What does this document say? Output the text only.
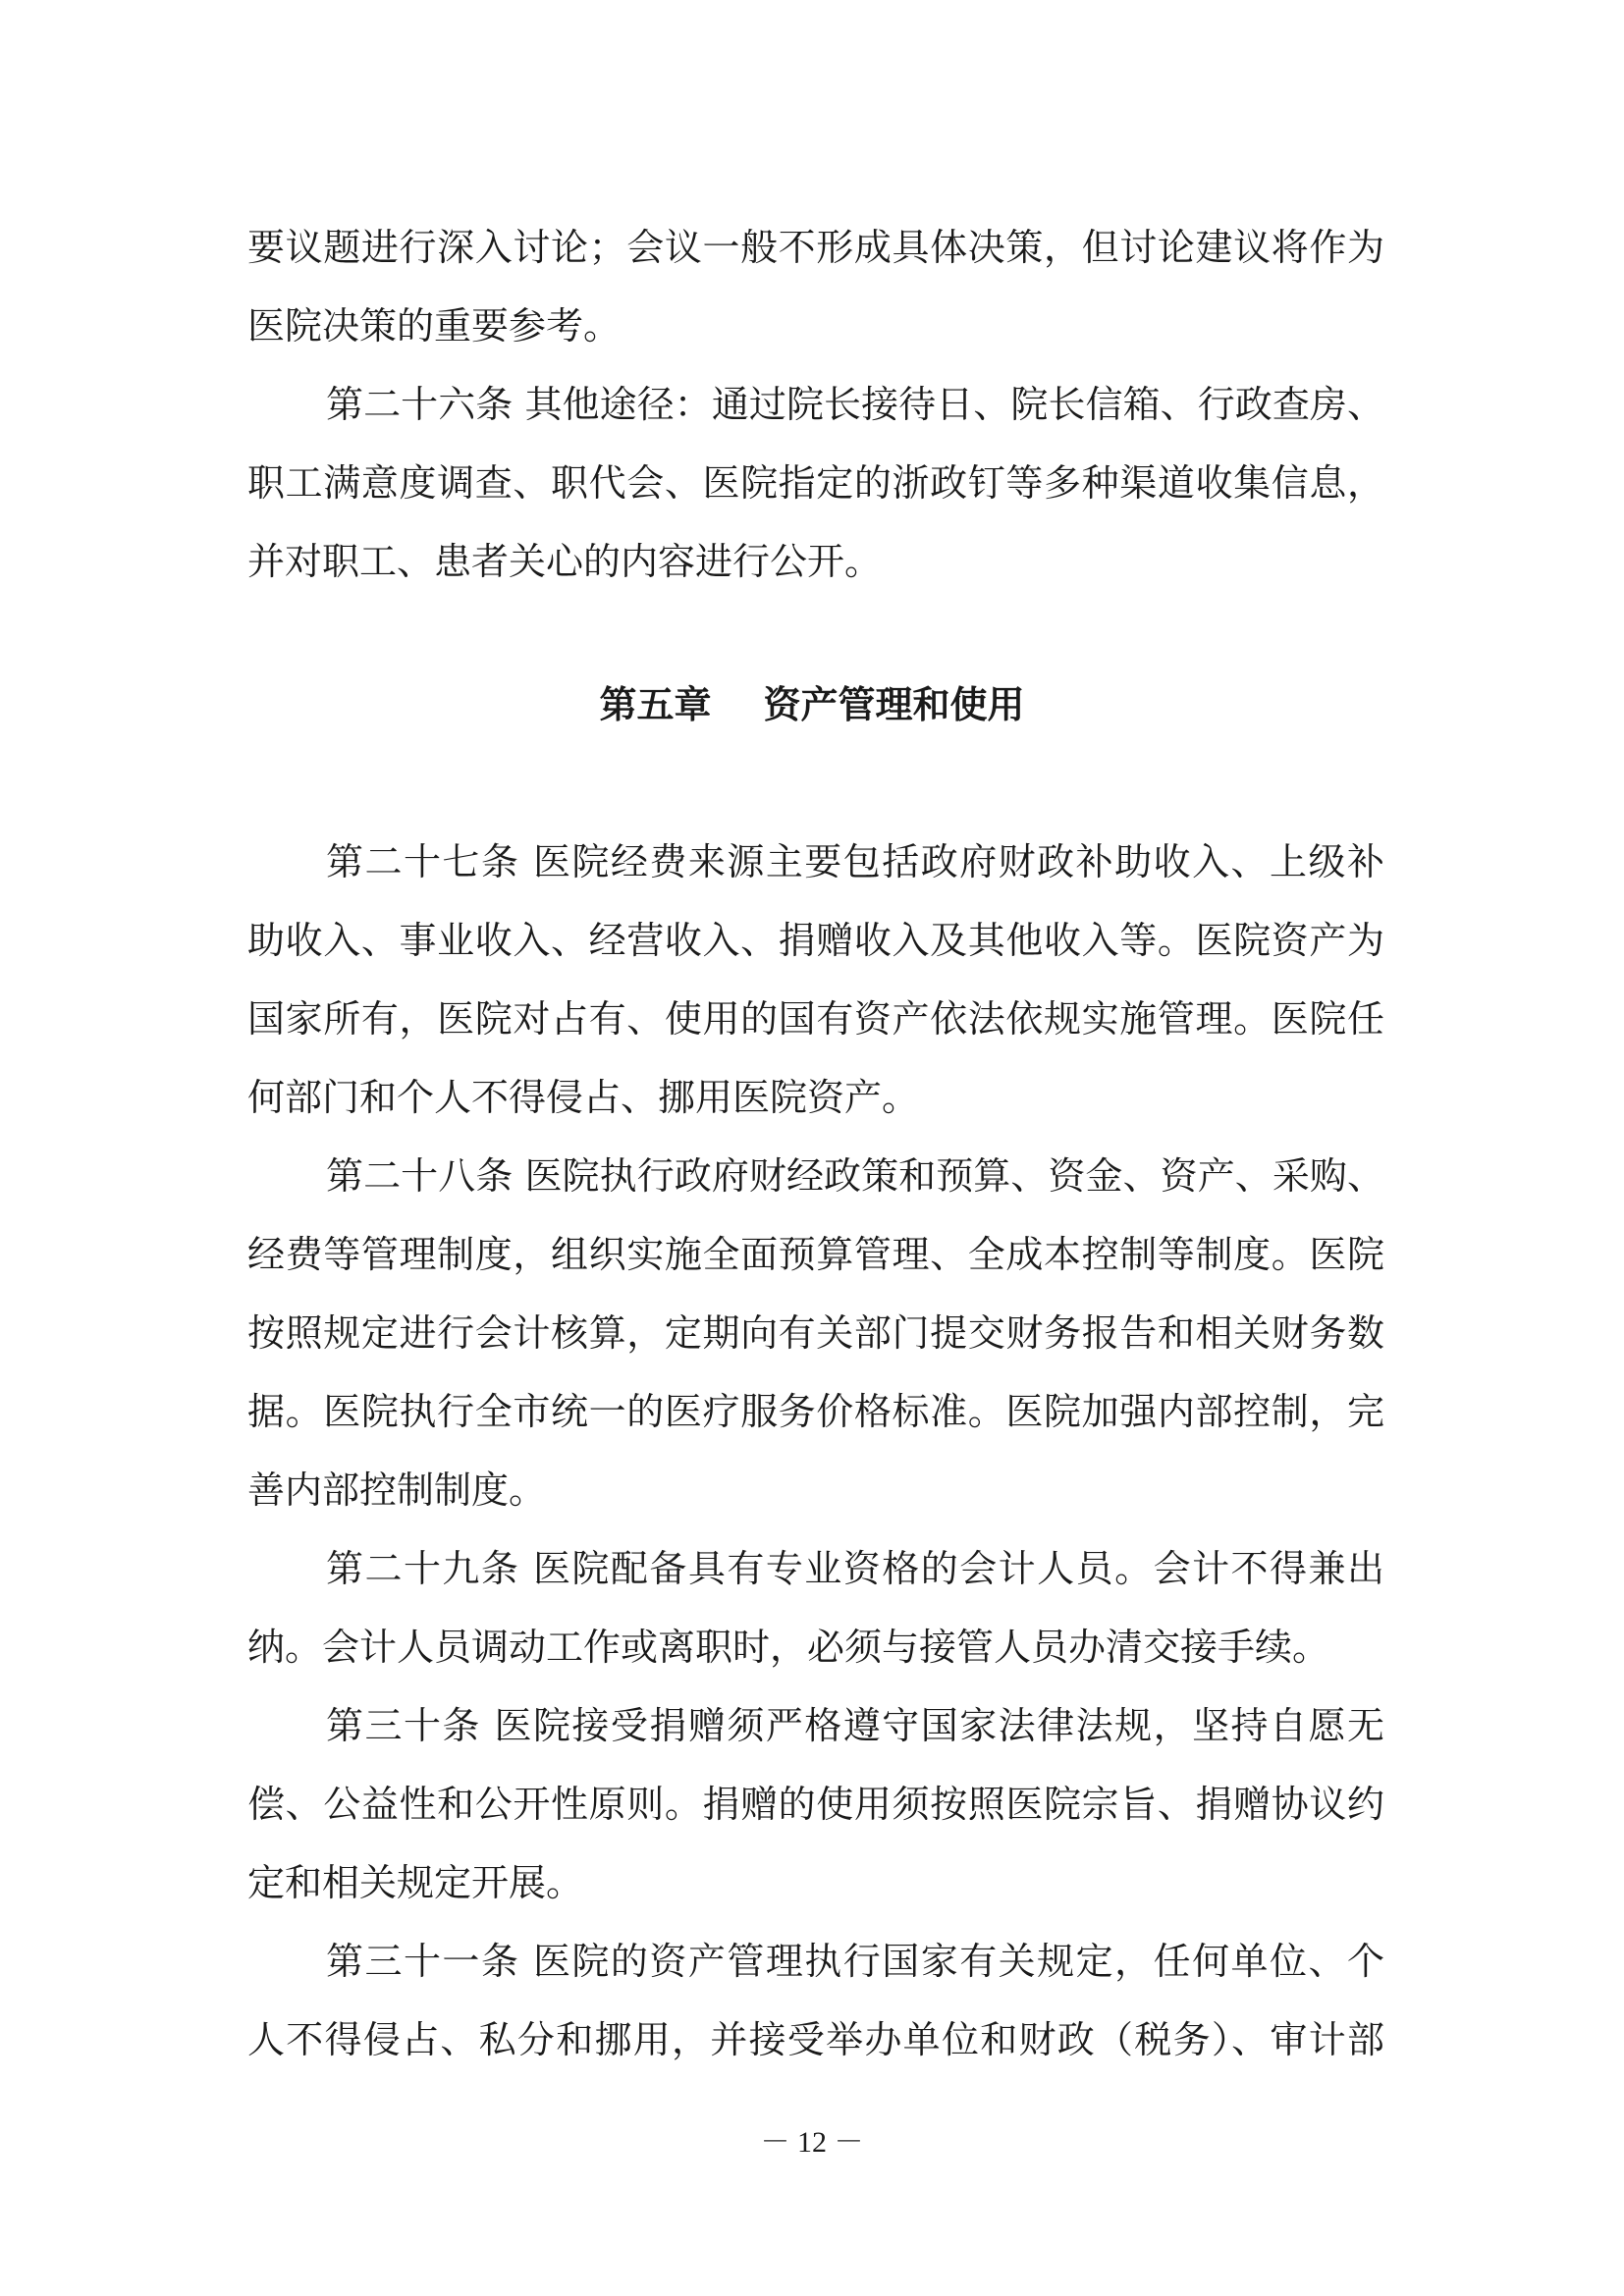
要议题进行深入讨论；会议一般不形成具体决策，但讨论建议将作为
医院决策的重要参考。
第二十六条 其他途径：通过院长接待日、院长信箱、行政查房、
职工满意度调查、职代会、医院指定的浙政钉等多种渠道收集信息，
并对职工、患者关心的内容进行公开。
第五章    资产管理和使用
第二十七条 医院经费来源主要包括政府财政补助收入、上级补
助收入、事业收入、经营收入、捐赠收入及其他收入等。医院资产为
国家所有，医院对占有、使用的国有资产依法依规实施管理。医院任
何部门和个人不得侵占、挪用医院资产。
第二十八条 医院执行政府财经政策和预算、资金、资产、采购、
经费等管理制度，组织实施全面预算管理、全成本控制等制度。医院
按照规定进行会计核算，定期向有关部门提交财务报告和相关财务数
据。医院执行全市统一的医疗服务价格标准。医院加强内部控制，完
善内部控制制度。
第二十九条 医院配备具有专业资格的会计人员。会计不得兼出
纳。会计人员调动工作或离职时，必须与接管人员办清交接手续。
第三十条 医院接受捐赠须严格遵守国家法律法规，坚持自愿无
偿、公益性和公开性原则。捐赠的使用须按照医院宗旨、捐赠协议约
定和相关规定开展。
第三十一条 医院的资产管理执行国家有关规定，任何单位、个
人不得侵占、私分和挪用，并接受举办单位和财政（税务）、审计部
－ 12 －
